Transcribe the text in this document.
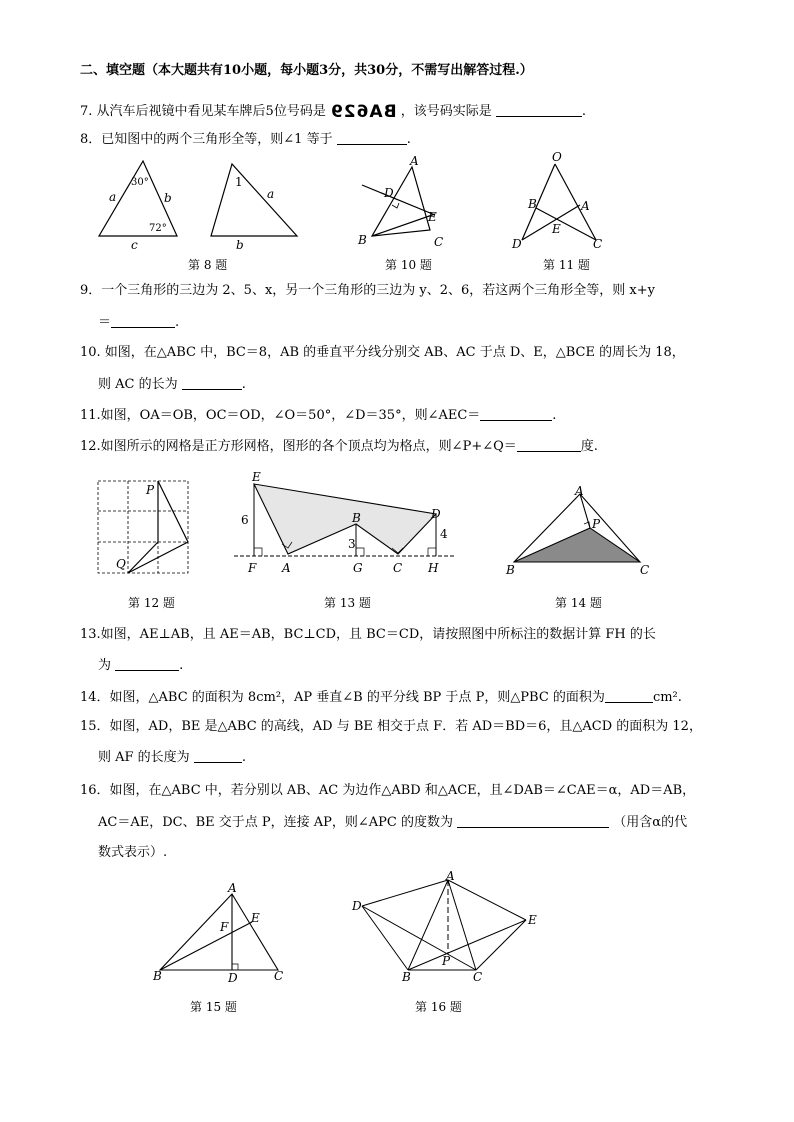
二、填空题（本大题共有10小题，每小题3分，共30分，不需写出解答过程.）
7. 从汽车后视镜中看见某车牌后5位号码是 BA629 ，该号码实际是	.
8．已知图中的两个三角形全等，则∠1 等于	.
30°
72°
a	b
c
1
a
b
A
B	C
D
E
O
A
B
C
D
E
第 8 题	第 10 题	第 11 题
9．一个三角形的三边为 2、5、x，另一个三角形的三边为 y、2、6，若这两个三角形全等，则 x+y
＝	.
10. 如图，在△ABC 中，BC＝8，AB 的垂直平分线分别交 AB、AC 于点 D、E，△BCE 的周长为 18，
则 AC 的长为	.
11.如图，OA＝OB，OC＝OD，∠O＝50°，∠D＝35°，则∠AEC＝	.
12.如图所示的网格是正方形网格，图形的各个顶点均为格点，则∠P+∠Q＝	度.
P
Q
E
B	D
F A	G	C H
6
3
4
A
P
B	C
第 12 题	第 13 题	第 14 题
13.如图，AE⊥AB，且 AE＝AB，BC⊥CD，且 BC＝CD，请按照图中所标注的数据计算 FH 的长
为	.
14．如图，△ABC 的面积为 8cm²，AP 垂直∠B 的平分线 BP 于点 P，则△PBC 的面积为	cm².
15．如图，AD，BE 是△ABC 的高线，AD 与 BE 相交于点 F．若 AD＝BD＝6，且△ACD 的面积为 12，
则 AF 的长度为	.
16．如图，在△ABC 中，若分别以 AB、AC 为边作△ABD 和△ACE，且∠DAB＝∠CAE＝α，AD＝AB，
AC＝AE，DC、BE 交于点 P，连接 AP，则∠APC 的度数为	（用含α的代
数式表示）.
A
B	C
D
E
F
A
D
E
B	C
P
第 15 题	第 16 题
